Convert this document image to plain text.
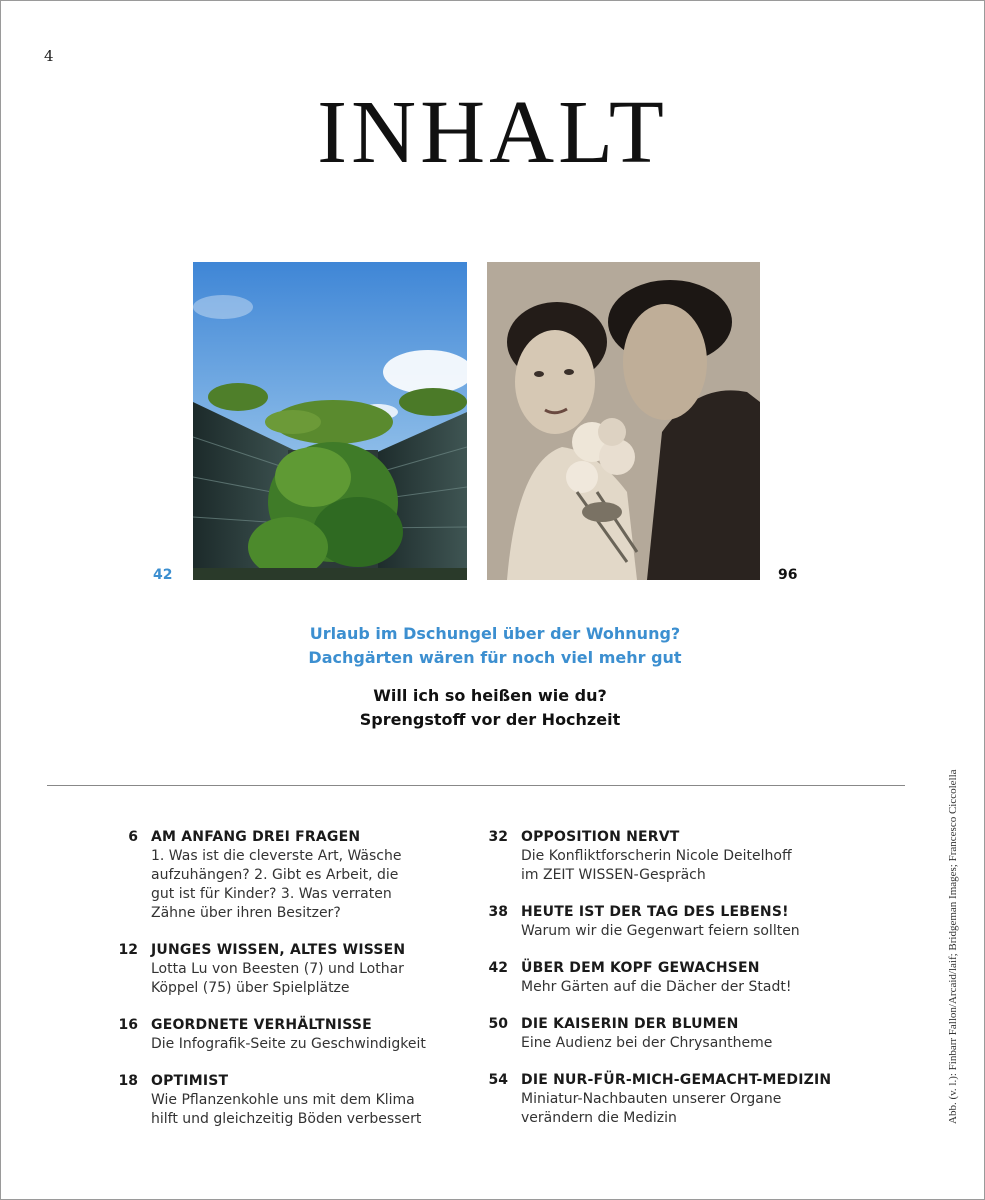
4
INHALT
42	96
Urlaub im Dschungel über der Wohnung?
Dachgärten wären für noch viel mehr gut
Will ich so heißen wie du?
Sprengstoff vor der Hochzeit
Abb. (v. l.): Finbarr Fallon/Arcaid/laif; Bridgeman Images; Francesco Ciccolella
6 AM ANFANG DREI FRAGEN
1. Was ist die cleverste Art, Wäsche
aufzuhängen? 2. Gibt es Arbeit, die
gut ist für Kinder? 3. Was verraten
Zähne über ihren Besitzer?
12 JUNGES WISSEN, ALTES WISSEN
Lotta Lu von Beesten (7) und Lothar
Köppel (75) über Spielplätze
16 GEORDNETE VERHÄLTNISSE
Die Infografik-Seite zu Geschwindigkeit
18 OPTIMIST
Wie Pflanzenkohle uns mit dem Klima
hilft und gleichzeitig Böden verbessert
32 OPPOSITION NERVT
Die Konfliktforscherin Nicole Deitelhoff
im ZEIT WISSEN-Gespräch
38 HEUTE IST DER TAG DES LEBENS!
Warum wir die Gegenwart feiern sollten
42 ÜBER DEM KOPF GEWACHSEN
Mehr Gärten auf die Dächer der Stadt!
50 DIE KAISERIN DER BLUMEN
Eine Audienz bei der Chrysantheme
54 DIE NUR-FÜR-MICH-GEMACHT-MEDIZIN
Miniatur-Nachbauten unserer Organe
verändern die Medizin
